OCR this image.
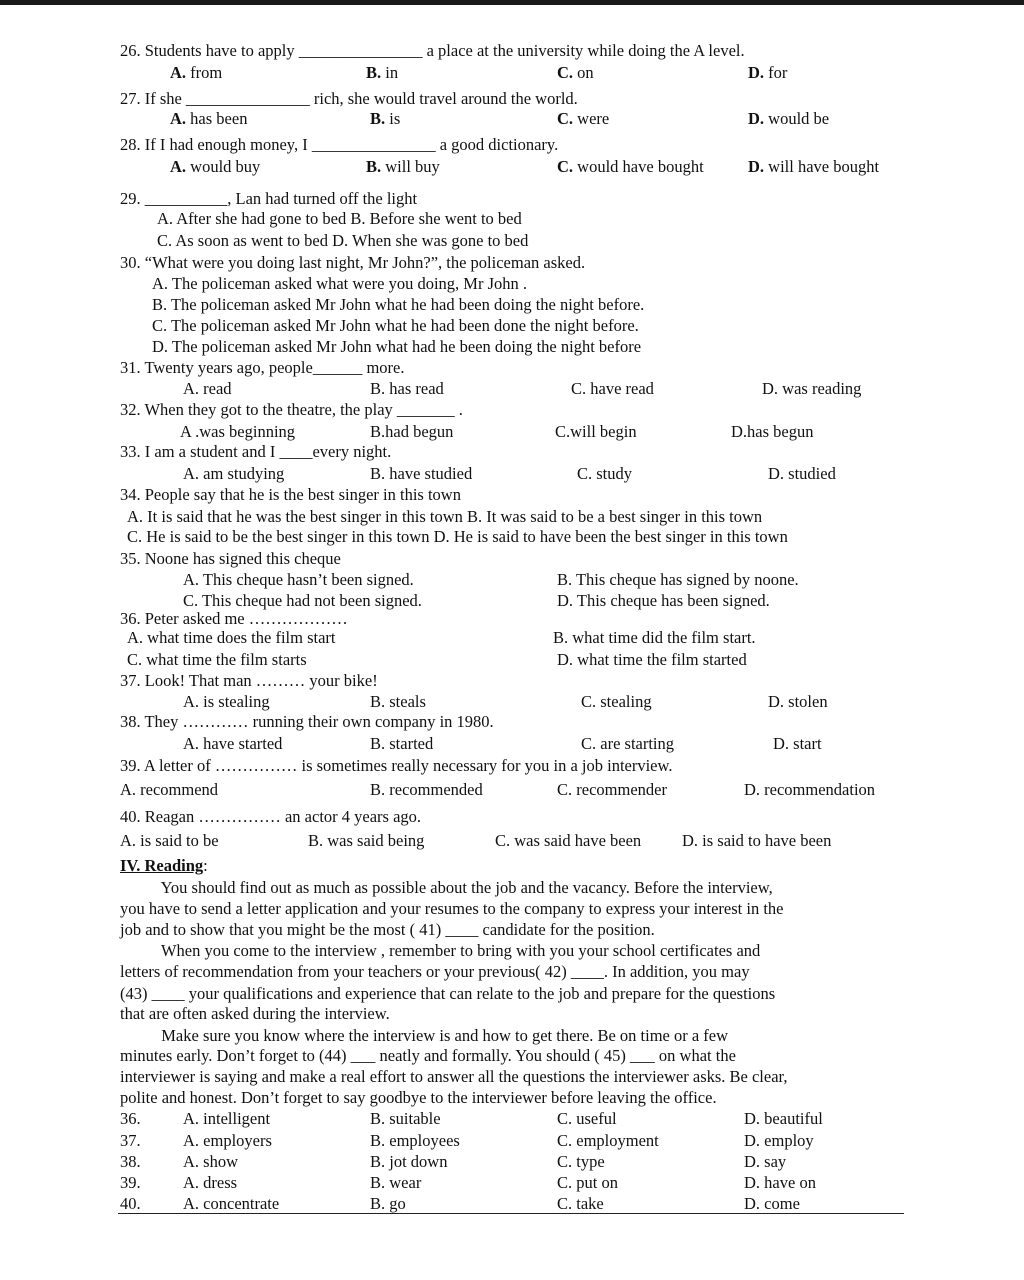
26. Students have to apply _______________ a place at the university while doing the A level.
A. from	B. in	C. on	D. for
27. If she _______________ rich, she would travel around the world.
A. has been	B. is	C. were	D. would be
28. If I had enough money, I _______________ a good dictionary.
A. would buy	B. will buy	C. would have bought	D. will have bought
29. __________, Lan had turned off the light
A. After she had gone to bed B. Before she went to bed
C. As soon as went to bed D. When she was gone to bed
30. “What were you doing last night, Mr John?”, the policeman asked.
A. The policeman asked what were you doing, Mr John .
B. The policeman asked Mr John what he had been doing the night before.
C. The policeman asked Mr John what he had been done the night before.
D. The policeman asked Mr John what had he been doing the night before
31. Twenty years ago, people______ more.
A. read	B. has read	C. have read	D. was reading
32. When they got to the theatre, the play _______ .
A .was beginning	B.had begun	C.will begin	D.has begun
33. I am a student and I ____every night.
A. am studying	B. have studied	C. study	D. studied
34. People say that he is the best singer in this town
A. It is said that he was the best singer in this town B. It was said to be a best singer in this town
C. He is said to be the best singer in this town D. He is said to have been the best singer in this town
35. Noone has signed this cheque
A. This cheque hasn’t been signed.	B. This cheque has signed by noone.
C. This cheque had not been signed.	D. This cheque has been signed.
36. Peter asked me ………………
A. what time does the film start	B. what time did the film start.
C. what time the film starts	D. what time the film started
37. Look! That man ……… your bike!
A. is stealing	B. steals	C. stealing	D. stolen
38. They ………… running their own company in 1980.
A. have started	B. started	C. are starting	D. start
39. A letter of …………… is sometimes really necessary for you in a job interview.
A. recommend	B. recommended	C. recommender	D. recommendation
40. Reagan …………… an actor 4 years ago.
A. is said to be	B. was said being	C. was said have been D. is said to have been
IV. Reading:
You should find out as much as possible about the job and the vacancy. Before the interview,
you have to send a letter application and your resumes to the company to express your interest in the
job and to show that you might be the most ( 41) ____ candidate for the position.
When you come to the interview , remember to bring with you your school certificates and
letters of recommendation from your teachers or your previous( 42) ____. In addition, you may
(43) ____ your qualifications and experience that can relate to the job and prepare for the questions
that are often asked during the interview.
Make sure you know where the interview is and how to get there. Be on time or a few
minutes early. Don’t forget to (44) ___ neatly and formally. You should ( 45) ___ on what the
interviewer is saying and make a real effort to answer all the questions the interviewer asks. Be clear,
polite and honest. Don’t forget to say goodbye to the interviewer before leaving the office.
36.	A. intelligent	B. suitable	C. useful	D. beautiful
37.	A. employers	B. employees	C. employment	D. employ
38.	A. show	B. jot down	C. type	D. say
39.	A. dress	B. wear	C. put on	D. have on
40.	A. concentrate	B. go	C. take	D. come
